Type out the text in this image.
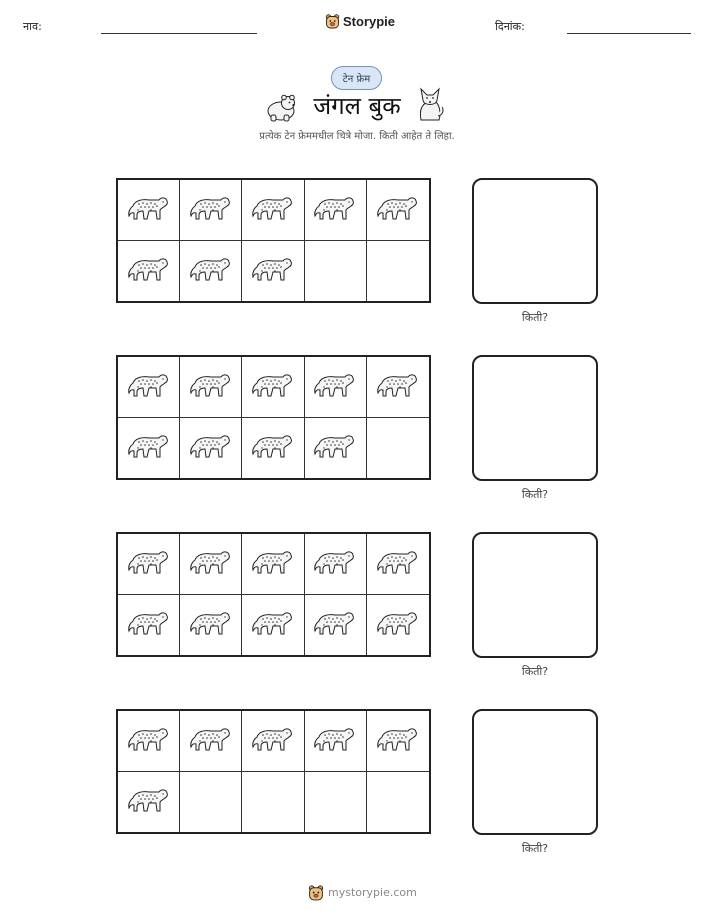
नाव:	Storypie	दिनांक:
टेन फ्रेम
जंगल बुक
प्रत्येक टेन फ्रेममधील चित्रे मोजा. किती आहेत ते लिहा.
किती?
किती?
किती?
किती?
mystorypie.com
